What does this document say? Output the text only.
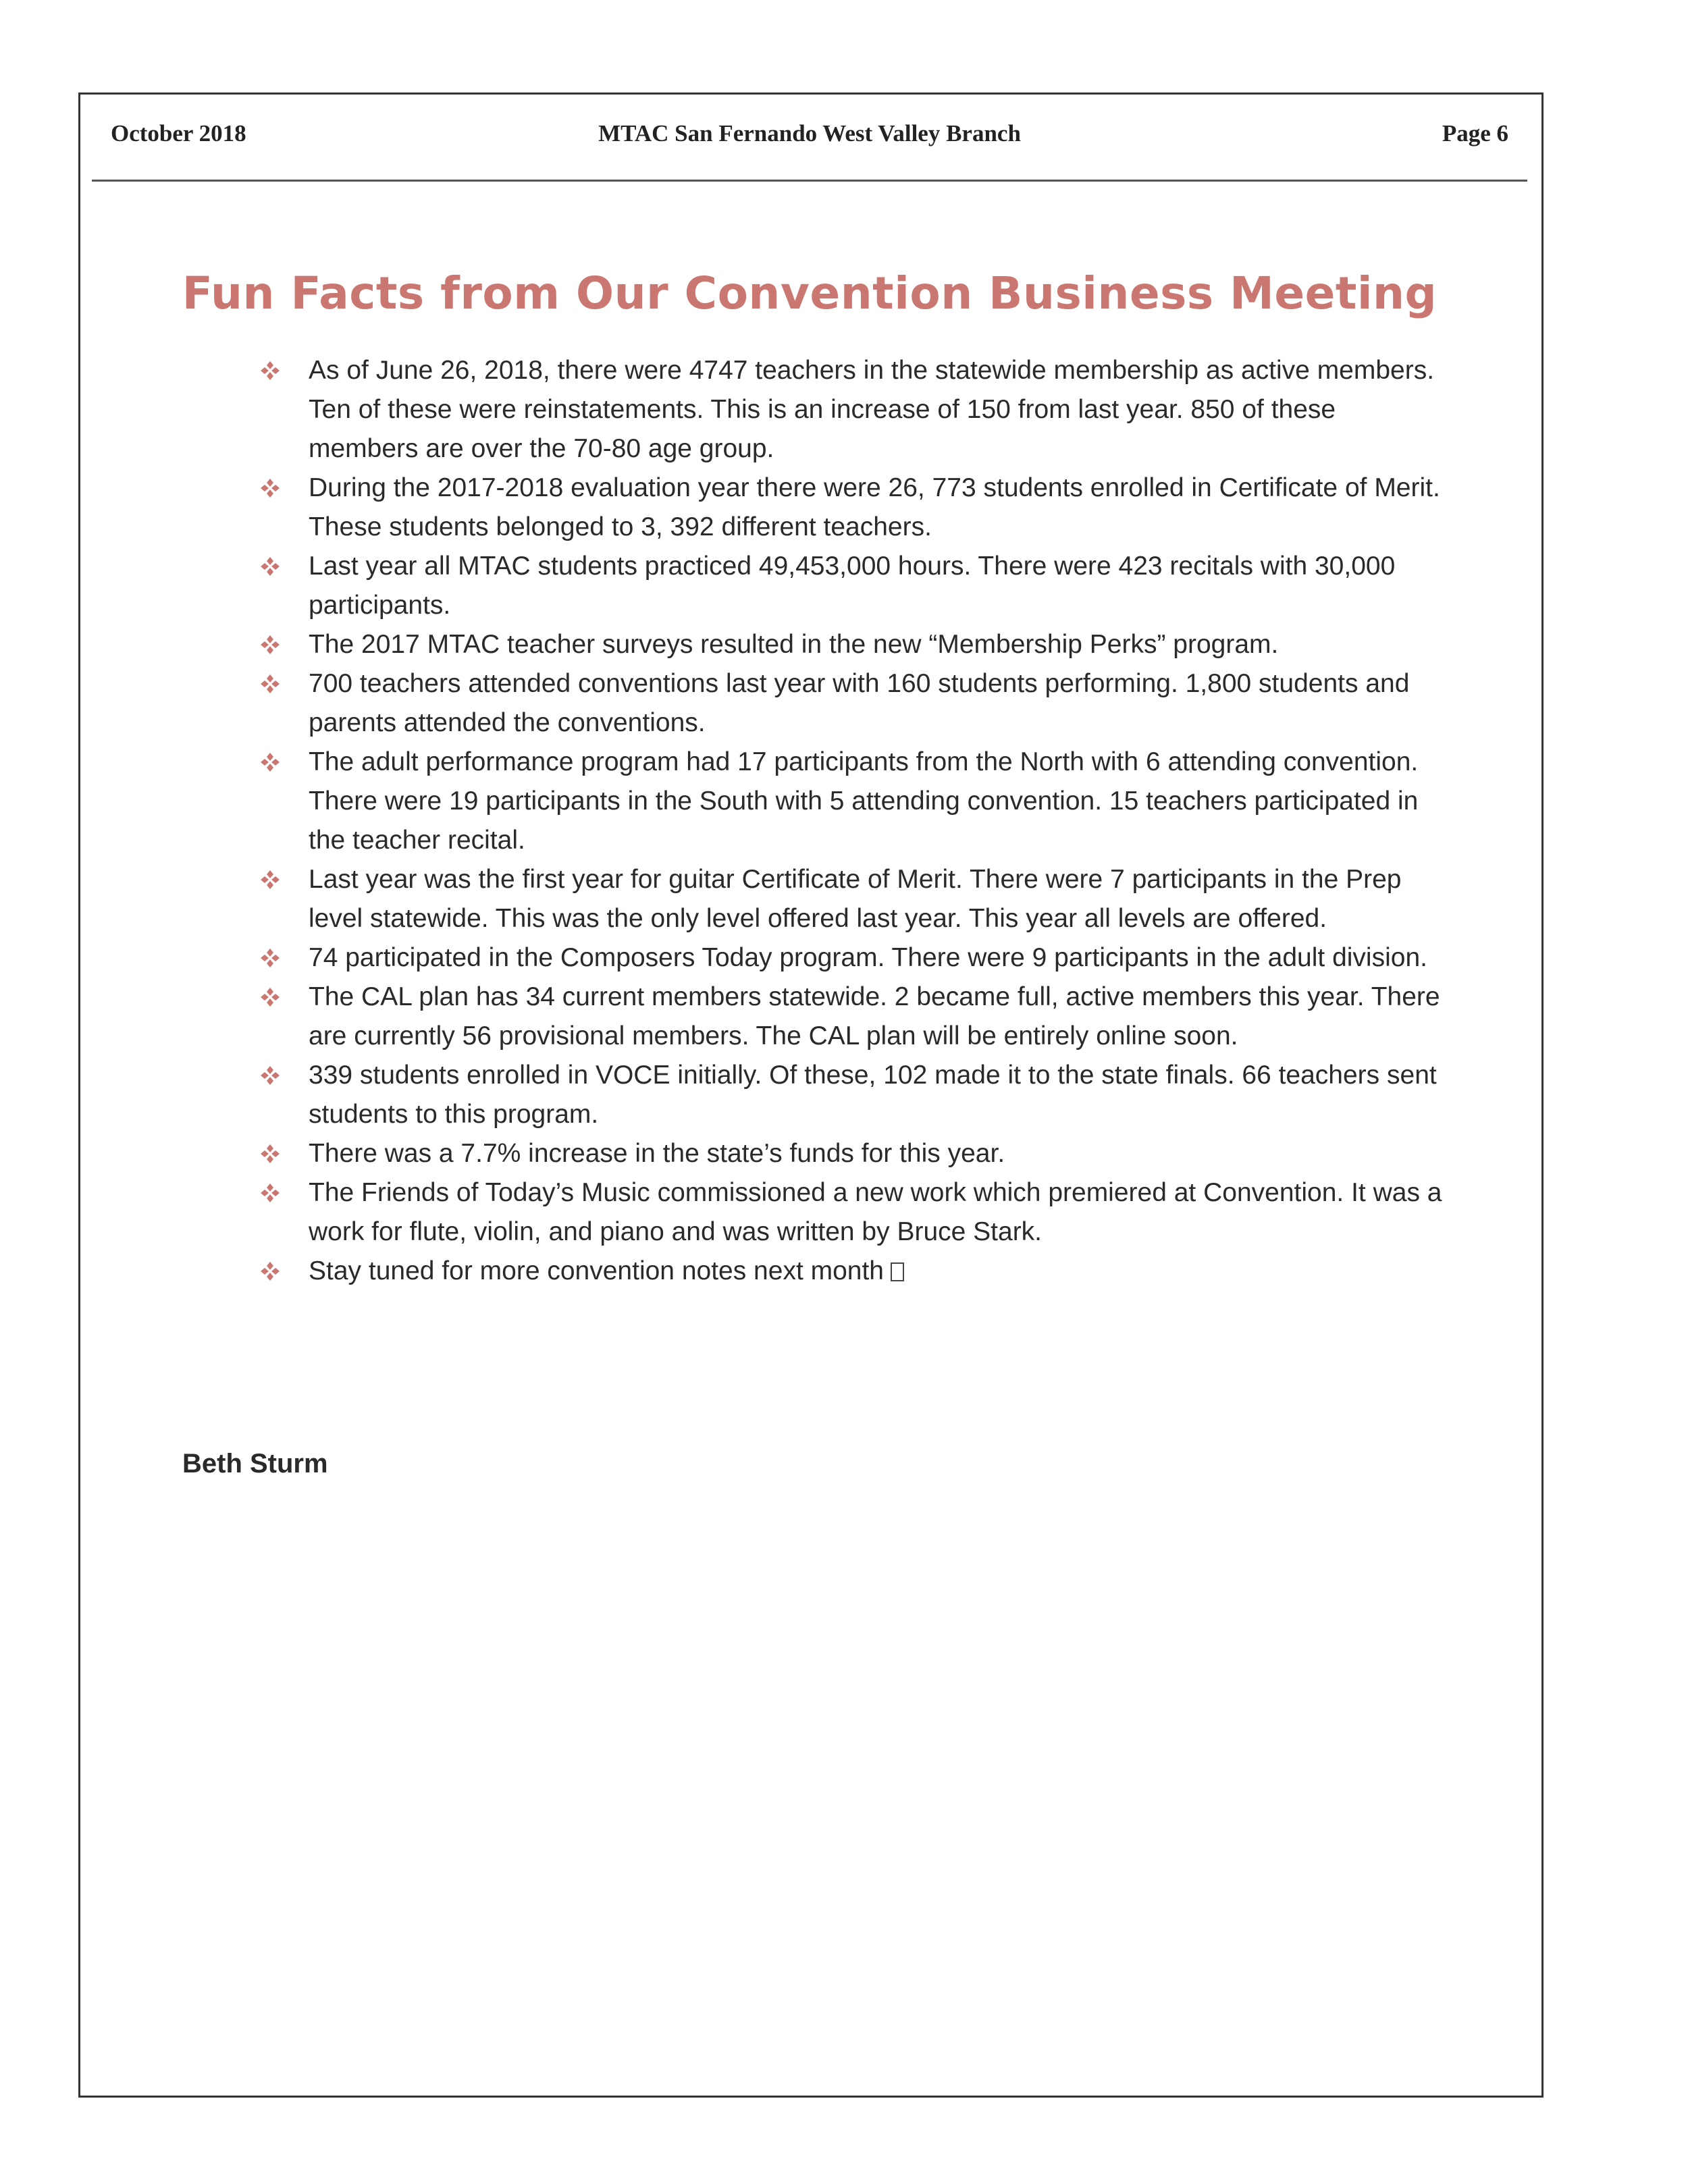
October 2018	MTAC San Fernando West Valley Branch	Page 6
Fun Facts from Our Convention Business Meeting
As of June 26, 2018, there were 4747 teachers in the statewide membership as active members. Ten of these were reinstatements. This is an increase of 150 from last year. 850 of these members are over the 70-80 age group.
During the 2017-2018 evaluation year there were 26, 773 students enrolled in Certificate of Merit. These students belonged to 3, 392 different teachers.
Last year all MTAC students practiced 49,453,000 hours. There were 423 recitals with 30,000 participants.
The 2017 MTAC teacher surveys resulted in the new “Membership Perks” program.
700 teachers attended conventions last year with 160 students performing. 1,800 students and parents attended the conventions.
The adult performance program had 17 participants from the North with 6 attending convention. There were 19 participants in the South with 5 attending convention. 15 teachers participated in the teacher recital.
Last year was the first year for guitar Certificate of Merit. There were 7 participants in the Prep level statewide. This was the only level offered last year. This year all levels are offered.
74 participated in the Composers Today program. There were 9 participants in the adult division.
The CAL plan has 34 current members statewide. 2 became full, active members this year. There are currently 56 provisional members. The CAL plan will be entirely online soon.
339 students enrolled in VOCE initially. Of these, 102 made it to the state finals. 66 teachers sent students to this program.
There was a 7.7% increase in the state’s funds for this year.
The Friends of Today’s Music commissioned a new work which premiered at Convention. It was a work for flute, violin, and piano and was written by Bruce Stark.
Stay tuned for more convention notes next month
Beth Sturm
